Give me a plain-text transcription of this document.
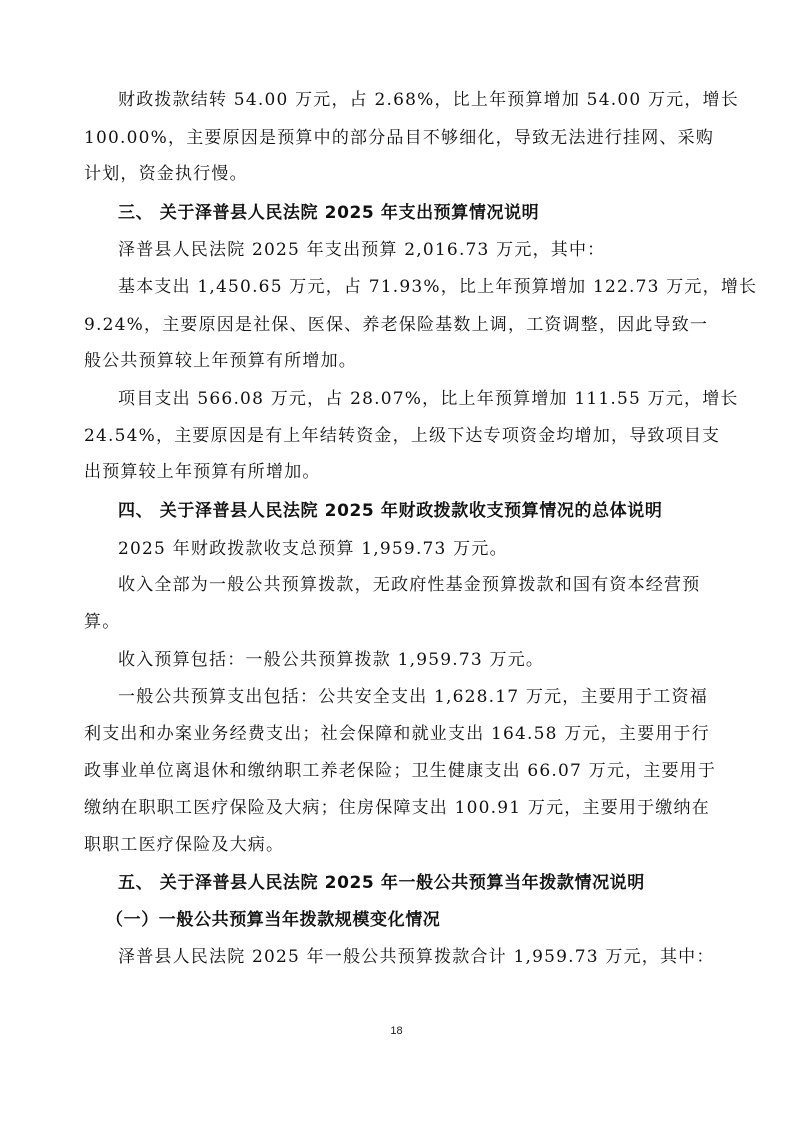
财政拨款结转 54.00 万元，占 2.68%，比上年预算增加 54.00 万元，增长
100.00%，主要原因是预算中的部分品目不够细化，导致无法进行挂网、采购
计划，资金执行慢。
三、 关于泽普县人民法院 2025 年支出预算情况说明
泽普县人民法院 2025 年支出预算 2,016.73 万元，其中：
基本支出 1,450.65 万元，占 71.93%，比上年预算增加 122.73 万元，增长
9.24%，主要原因是社保、医保、养老保险基数上调，工资调整，因此导致一
般公共预算较上年预算有所增加。
项目支出 566.08 万元，占 28.07%，比上年预算增加 111.55 万元，增长
24.54%，主要原因是有上年结转资金，上级下达专项资金均增加，导致项目支
出预算较上年预算有所增加。
四、 关于泽普县人民法院 2025 年财政拨款收支预算情况的总体说明
2025 年财政拨款收支总预算 1,959.73 万元。
收入全部为一般公共预算拨款，无政府性基金预算拨款和国有资本经营预
算。
收入预算包括：一般公共预算拨款 1,959.73 万元。
一般公共预算支出包括：公共安全支出 1,628.17 万元，主要用于工资福
利支出和办案业务经费支出；社会保障和就业支出 164.58 万元，主要用于行
政事业单位离退休和缴纳职工养老保险；卫生健康支出 66.07 万元，主要用于
缴纳在职职工医疗保险及大病；住房保障支出 100.91 万元，主要用于缴纳在
职职工医疗保险及大病。
五、 关于泽普县人民法院 2025 年一般公共预算当年拨款情况说明
（一）一般公共预算当年拨款规模变化情况
泽普县人民法院 2025 年一般公共预算拨款合计 1,959.73 万元，其中：
18
